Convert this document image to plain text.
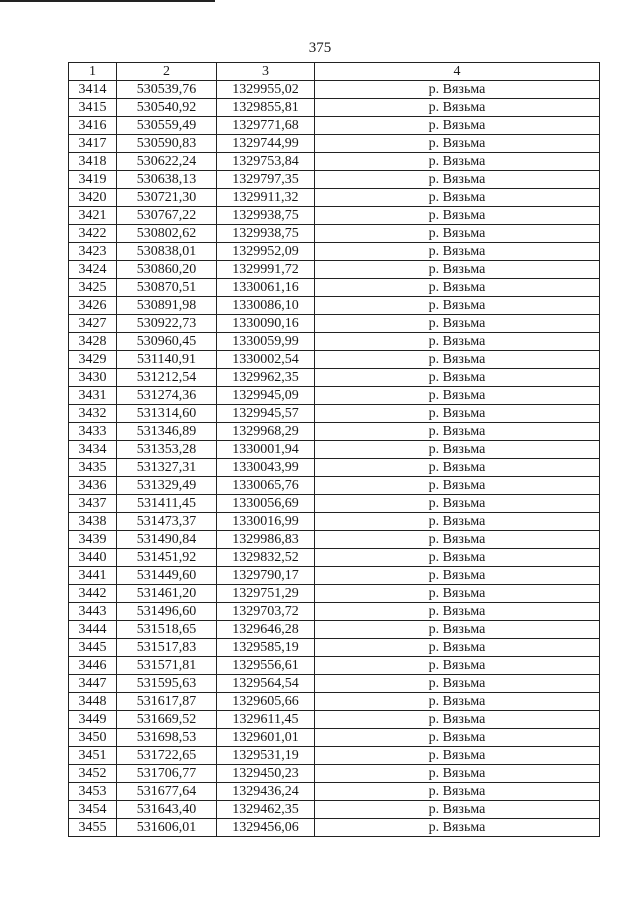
375
1	2	3	4
3414	530539,76	1329955,02	р. Вязьма
3415	530540,92	1329855,81	р. Вязьма
3416	530559,49	1329771,68	р. Вязьма
3417	530590,83	1329744,99	р. Вязьма
3418	530622,24	1329753,84	р. Вязьма
3419	530638,13	1329797,35	р. Вязьма
3420	530721,30	1329911,32	р. Вязьма
3421	530767,22	1329938,75	р. Вязьма
3422	530802,62	1329938,75	р. Вязьма
3423	530838,01	1329952,09	р. Вязьма
3424	530860,20	1329991,72	р. Вязьма
3425	530870,51	1330061,16	р. Вязьма
3426	530891,98	1330086,10	р. Вязьма
3427	530922,73	1330090,16	р. Вязьма
3428	530960,45	1330059,99	р. Вязьма
3429	531140,91	1330002,54	р. Вязьма
3430	531212,54	1329962,35	р. Вязьма
3431	531274,36	1329945,09	р. Вязьма
3432	531314,60	1329945,57	р. Вязьма
3433	531346,89	1329968,29	р. Вязьма
3434	531353,28	1330001,94	р. Вязьма
3435	531327,31	1330043,99	р. Вязьма
3436	531329,49	1330065,76	р. Вязьма
3437	531411,45	1330056,69	р. Вязьма
3438	531473,37	1330016,99	р. Вязьма
3439	531490,84	1329986,83	р. Вязьма
3440	531451,92	1329832,52	р. Вязьма
3441	531449,60	1329790,17	р. Вязьма
3442	531461,20	1329751,29	р. Вязьма
3443	531496,60	1329703,72	р. Вязьма
3444	531518,65	1329646,28	р. Вязьма
3445	531517,83	1329585,19	р. Вязьма
3446	531571,81	1329556,61	р. Вязьма
3447	531595,63	1329564,54	р. Вязьма
3448	531617,87	1329605,66	р. Вязьма
3449	531669,52	1329611,45	р. Вязьма
3450	531698,53	1329601,01	р. Вязьма
3451	531722,65	1329531,19	р. Вязьма
3452	531706,77	1329450,23	р. Вязьма
3453	531677,64	1329436,24	р. Вязьма
3454	531643,40	1329462,35	р. Вязьма
3455	531606,01	1329456,06	р. Вязьма
